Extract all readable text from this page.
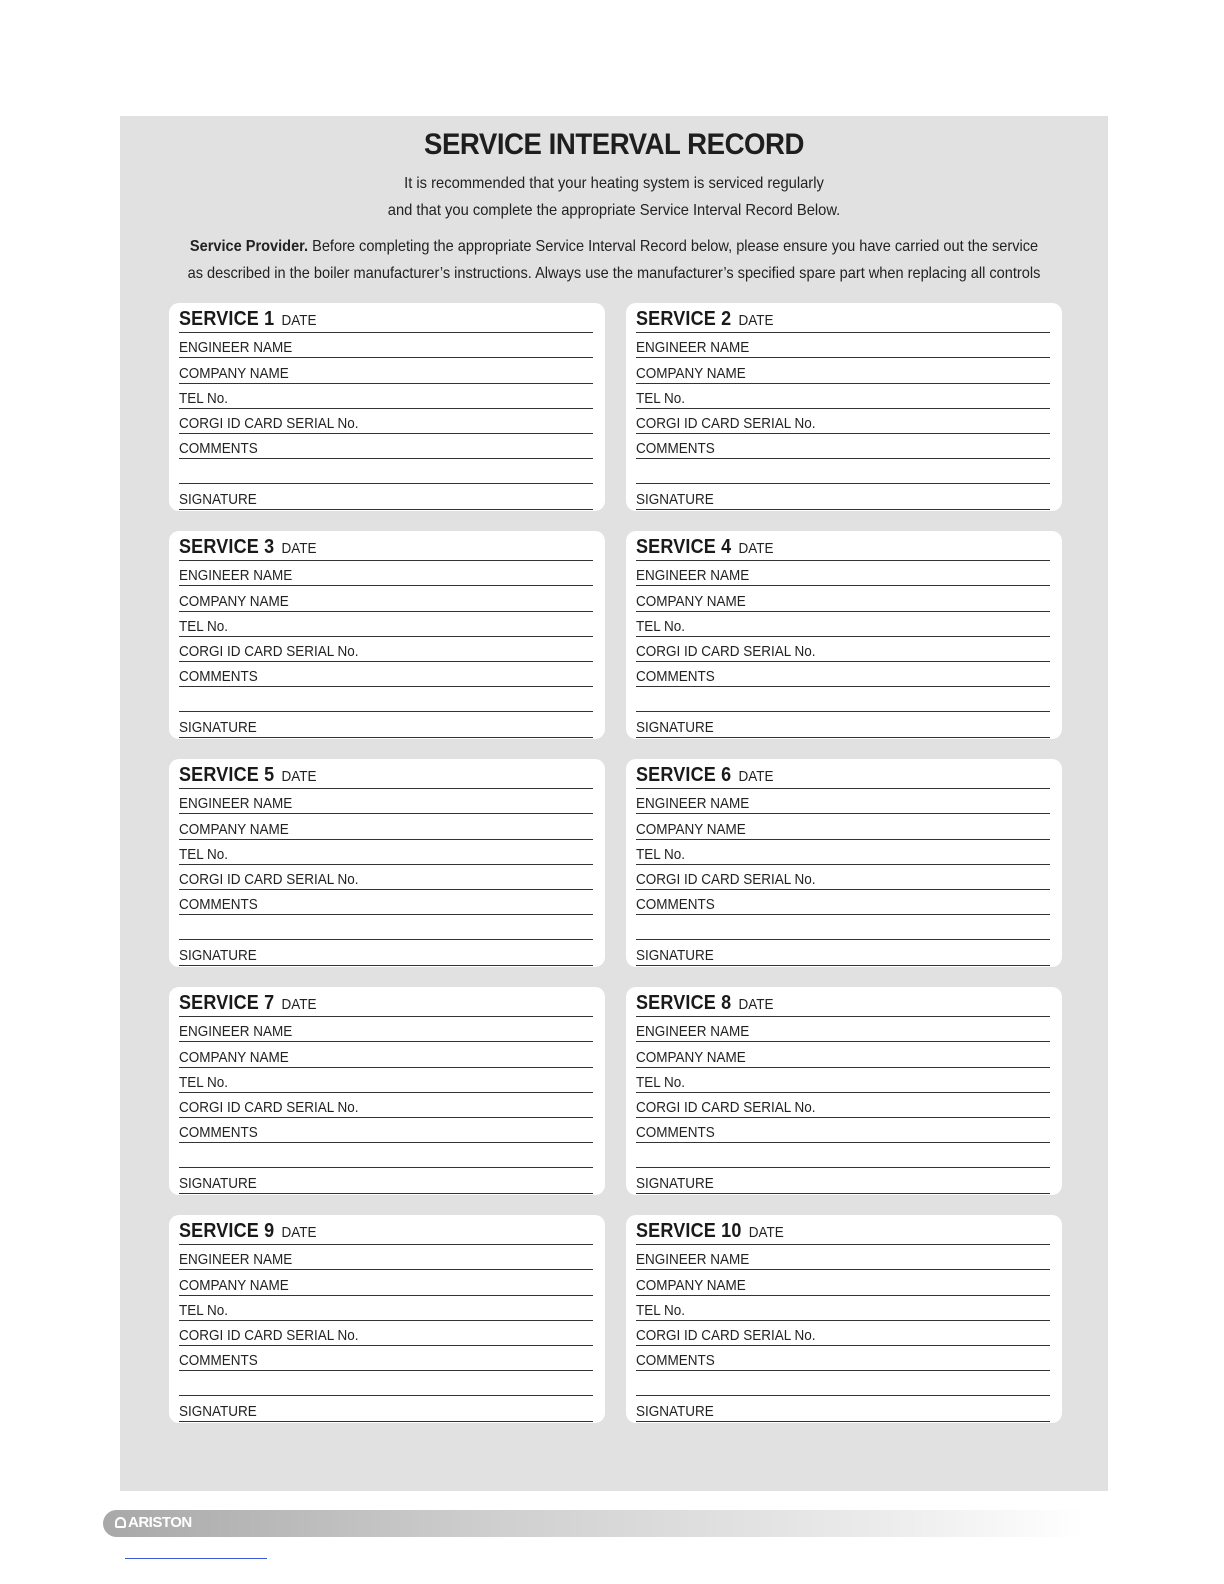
SERVICE INTERVAL RECORD
It is recommended that your heating system is serviced regularly
and that you complete the appropriate Service Interval Record Below.
Service Provider. Before completing the appropriate Service Interval Record below, please ensure you have carried out the service
as described in the boiler manufacturer’s instructions. Always use the manufacturer’s specified spare part when replacing all controls
SERVICE 1 DATE
ENGINEER NAME
COMPANY NAME
TEL No.
CORGI ID CARD SERIAL No.
COMMENTS
SIGNATURE
SERVICE 2 DATE
ENGINEER NAME
COMPANY NAME
TEL No.
CORGI ID CARD SERIAL No.
COMMENTS
SIGNATURE
SERVICE 3 DATE
ENGINEER NAME
COMPANY NAME
TEL No.
CORGI ID CARD SERIAL No.
COMMENTS
SIGNATURE
SERVICE 4 DATE
ENGINEER NAME
COMPANY NAME
TEL No.
CORGI ID CARD SERIAL No.
COMMENTS
SIGNATURE
SERVICE 5 DATE
ENGINEER NAME
COMPANY NAME
TEL No.
CORGI ID CARD SERIAL No.
COMMENTS
SIGNATURE
SERVICE 6 DATE
ENGINEER NAME
COMPANY NAME
TEL No.
CORGI ID CARD SERIAL No.
COMMENTS
SIGNATURE
SERVICE 7 DATE
ENGINEER NAME
COMPANY NAME
TEL No.
CORGI ID CARD SERIAL No.
COMMENTS
SIGNATURE
SERVICE 8 DATE
ENGINEER NAME
COMPANY NAME
TEL No.
CORGI ID CARD SERIAL No.
COMMENTS
SIGNATURE
SERVICE 9 DATE
ENGINEER NAME
COMPANY NAME
TEL No.
CORGI ID CARD SERIAL No.
COMMENTS
SIGNATURE
SERVICE 10 DATE
ENGINEER NAME
COMPANY NAME
TEL No.
CORGI ID CARD SERIAL No.
COMMENTS
SIGNATURE
ARISTON
